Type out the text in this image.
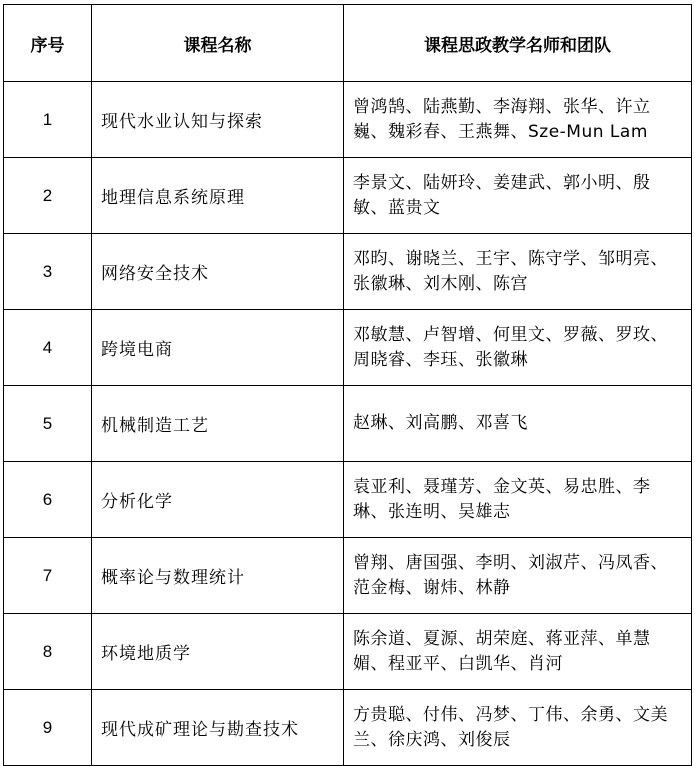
序号	课程名称	课程思政教学名师和团队
1	现代水业认知与探索	曾鸿鹄、陆燕勤、李海翔、张华、许立巍、魏彩春、王燕舞、Sze-Mun Lam
2	地理信息系统原理	李景文、陆妍玲、姜建武、郭小明、殷敏、蓝贵文
3	网络安全技术	邓昀、谢晓兰、王宇、陈守学、邹明亮、张徽琳、刘木刚、陈宫
4	跨境电商	邓敏慧、卢智增、何里文、罗薇、罗玫、周晓睿、李珏、张徽琳
5	机械制造工艺	赵琳、刘高鹏、邓喜飞
6	分析化学	袁亚利、聂瑾芳、金文英、易忠胜、李琳、张连明、吴雄志
7	概率论与数理统计	曾翔、唐国强、李明、刘淑芹、冯凤香、范金梅、谢炜、林静
8	环境地质学	陈余道、夏源、胡荣庭、蒋亚萍、单慧媚、程亚平、白凯华、肖河
9	现代成矿理论与勘查技术	方贵聪、付伟、冯梦、丁伟、余勇、文美兰、徐庆鸿、刘俊辰
